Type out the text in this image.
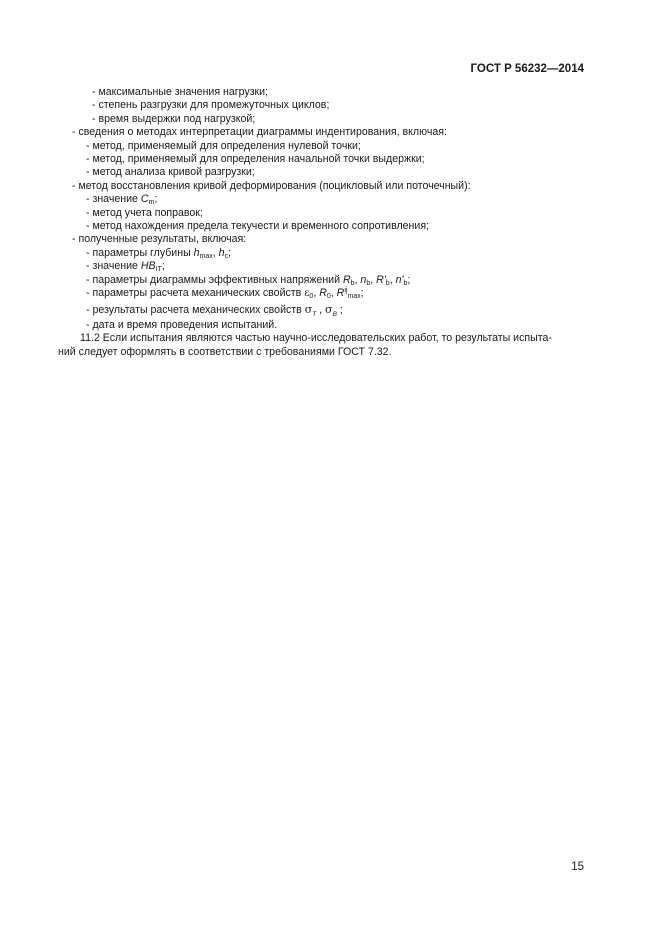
ГОСТ Р 56232—2014
- максимальные значения нагрузки;
- степень разгрузки для промежуточных циклов;
- время выдержки под нагрузкой;
- сведения о методах интерпретации диаграммы индентирования, включая:
- метод, применяемый для определения нулевой точки;
- метод, применяемый для определения начальной точки выдержки;
- метод анализа кривой разгрузки;
- метод восстановления кривой деформирования (поцикловый или поточечный):
- значение $C_m$;
- метод учета поправок;
- метод нахождения предела текучести и временного сопротивления;
- полученные результаты, включая:
- параметры глубины $h_{max}$, $h_c$;
- значение $HB_{IT}$;
- параметры диаграммы эффективных напряжений $R_b$, $n_b$, $R'_b$, $n'_b$;
- параметры расчета механических свойств $\varepsilon_0$, $R_0$, $R^{ij}_{max}$;
- результаты расчета механических свойств $\sigma_T$ , $\sigma_B$ ;
- дата и время проведения испытаний.
11.2 Если испытания являются частью научно-исследовательских работ, то результаты испыта-
ний следует оформлять в соответствии с требованиями ГОСТ 7.32.
15
